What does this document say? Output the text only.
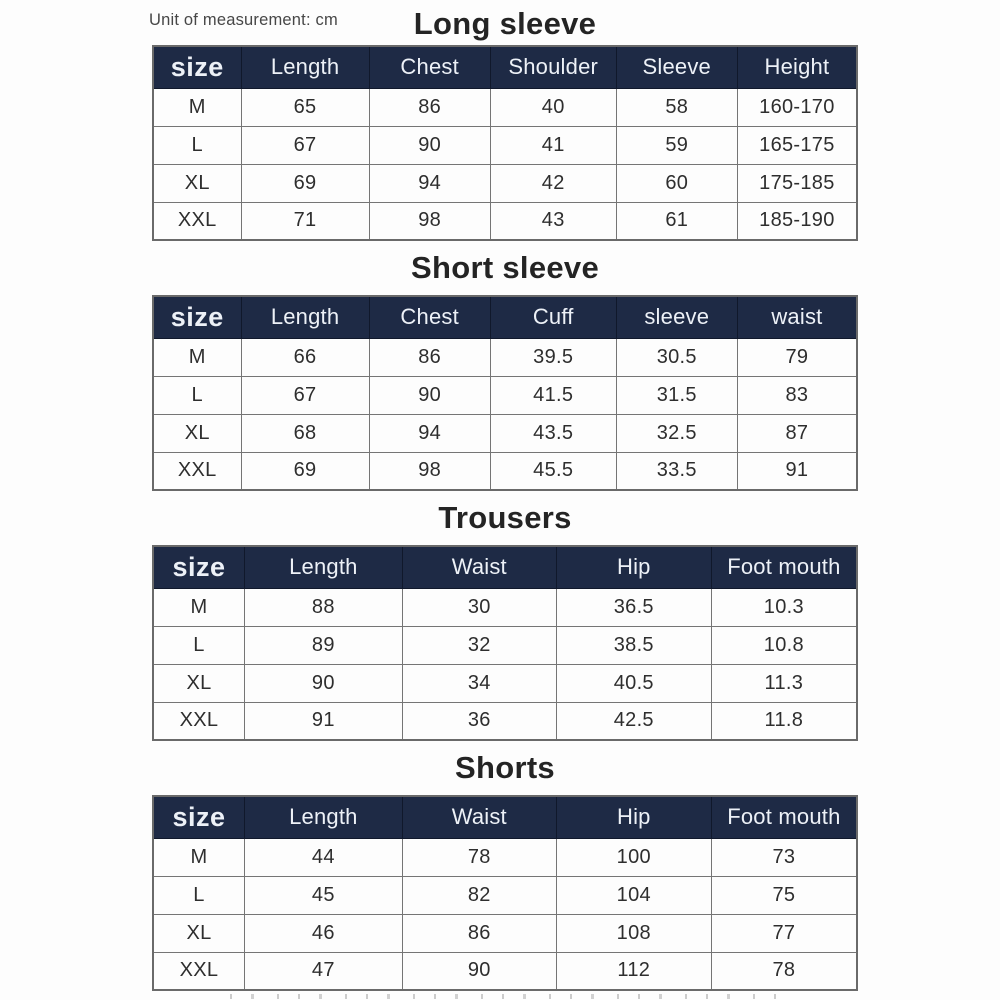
Unit of measurement: cm Long sleeve
size	Length	Chest	Shoulder	Sleeve	Height
M	65	86	40	58	160-170
L	67	90	41	59	165-175
XL	69	94	42	60	175-185
XXL	71	98	43	61	185-190
Short sleeve
size	Length	Chest	Cuff	sleeve	waist
M	66	86	39.5	30.5	79
L	67	90	41.5	31.5	83
XL	68	94	43.5	32.5	87
XXL	69	98	45.5	33.5	91
Trousers
size	Length	Waist	Hip	Foot mouth
M	88	30	36.5	10.3
L	89	32	38.5	10.8
XL	90	34	40.5	11.3
XXL	91	36	42.5	11.8
Shorts
size	Length	Waist	Hip	Foot mouth
M	44	78	100	73
L	45	82	104	75
XL	46	86	108	77
XXL	47	90	112	78
